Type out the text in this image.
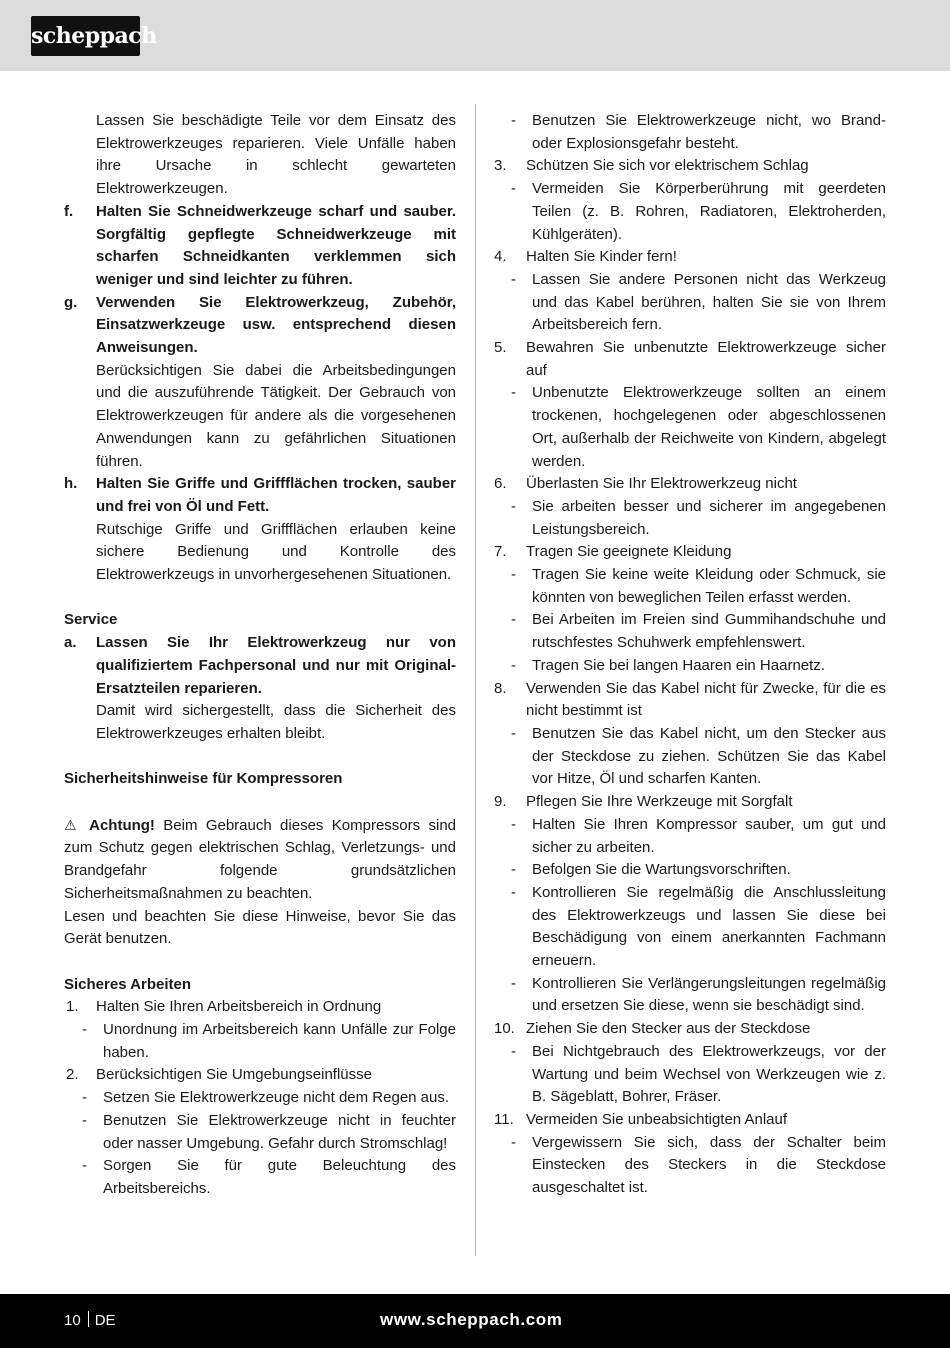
scheppach
Lassen Sie beschädigte Teile vor dem Einsatz des Elektrowerkzeuges reparieren. Viele Unfälle haben ihre Ursache in schlecht gewarteten Elektrowerkzeugen.
f. Halten Sie Schneidwerkzeuge scharf und sauber. Sorgfältig gepflegte Schneidwerkzeuge mit scharfen Schneidkanten verklemmen sich weniger und sind leichter zu führen.
g. Verwenden Sie Elektrowerkzeug, Zubehör, Einsatzwerkzeuge usw. entsprechend diesen Anweisungen.
Berücksichtigen Sie dabei die Arbeitsbedingungen und die auszuführende Tätigkeit. Der Gebrauch von Elektrowerkzeugen für andere als die vorgesehenen Anwendungen kann zu gefährlichen Situationen führen.
h. Halten Sie Griffe und Griffflächen trocken, sauber und frei von Öl und Fett.
Rutschige Griffe und Griffflächen erlauben keine sichere Bedienung und Kontrolle des Elektrowerkzeugs in unvorhergesehenen Situationen.
Service
a. Lassen Sie Ihr Elektrowerkzeug nur von qualifiziertem Fachpersonal und nur mit Original-Ersatzteilen reparieren.
Damit wird sichergestellt, dass die Sicherheit des Elektrowerkzeuges erhalten bleibt.
Sicherheitshinweise für Kompressoren
⚠ Achtung! Beim Gebrauch dieses Kompressors sind zum Schutz gegen elektrischen Schlag, Verletzungs- und Brandgefahr folgende grundsätzlichen Sicherheitsmaßnahmen zu beachten.
Lesen und beachten Sie diese Hinweise, bevor Sie das Gerät benutzen.
Sicheres Arbeiten
1. Halten Sie Ihren Arbeitsbereich in Ordnung
- Unordnung im Arbeitsbereich kann Unfälle zur Folge haben.
2. Berücksichtigen Sie Umgebungseinflüsse
- Setzen Sie Elektrowerkzeuge nicht dem Regen aus.
- Benutzen Sie Elektrowerkzeuge nicht in feuchter oder nasser Umgebung. Gefahr durch Stromschlag!
- Sorgen Sie für gute Beleuchtung des Arbeitsbereichs.
- Benutzen Sie Elektrowerkzeuge nicht, wo Brand- oder Explosionsgefahr besteht.
3. Schützen Sie sich vor elektrischem Schlag
- Vermeiden Sie Körperberührung mit geerdeten Teilen (z. B. Rohren, Radiatoren, Elektroherden, Kühlgeräten).
4. Halten Sie Kinder fern!
- Lassen Sie andere Personen nicht das Werkzeug und das Kabel berühren, halten Sie sie von Ihrem Arbeitsbereich fern.
5. Bewahren Sie unbenutzte Elektrowerkzeuge sicher auf
- Unbenutzte Elektrowerkzeuge sollten an einem trockenen, hochgelegenen oder abgeschlossenen Ort, außerhalb der Reichweite von Kindern, abgelegt werden.
6. Überlasten Sie Ihr Elektrowerkzeug nicht
- Sie arbeiten besser und sicherer im angegebenen Leistungsbereich.
7. Tragen Sie geeignete Kleidung
- Tragen Sie keine weite Kleidung oder Schmuck, sie könnten von beweglichen Teilen erfasst werden.
- Bei Arbeiten im Freien sind Gummihandschuhe und rutschfestes Schuhwerk empfehlenswert.
- Tragen Sie bei langen Haaren ein Haarnetz.
8. Verwenden Sie das Kabel nicht für Zwecke, für die es nicht bestimmt ist
- Benutzen Sie das Kabel nicht, um den Stecker aus der Steckdose zu ziehen. Schützen Sie das Kabel vor Hitze, Öl und scharfen Kanten.
9. Pflegen Sie Ihre Werkzeuge mit Sorgfalt
- Halten Sie Ihren Kompressor sauber, um gut und sicher zu arbeiten.
- Befolgen Sie die Wartungsvorschriften.
- Kontrollieren Sie regelmäßig die Anschlussleitung des Elektrowerkzeugs und lassen Sie diese bei Beschädigung von einem anerkannten Fachmann erneuern.
- Kontrollieren Sie Verlängerungsleitungen regelmäßig und ersetzen Sie diese, wenn sie beschädigt sind.
10. Ziehen Sie den Stecker aus der Steckdose
- Bei Nichtgebrauch des Elektrowerkzeugs, vor der Wartung und beim Wechsel von Werkzeugen wie z. B. Sägeblatt, Bohrer, Fräser.
11. Vermeiden Sie unbeabsichtigten Anlauf
- Vergewissern Sie sich, dass der Schalter beim Einstecken des Steckers in die Steckdose ausgeschaltet ist.
10 DE	www.scheppach.com
